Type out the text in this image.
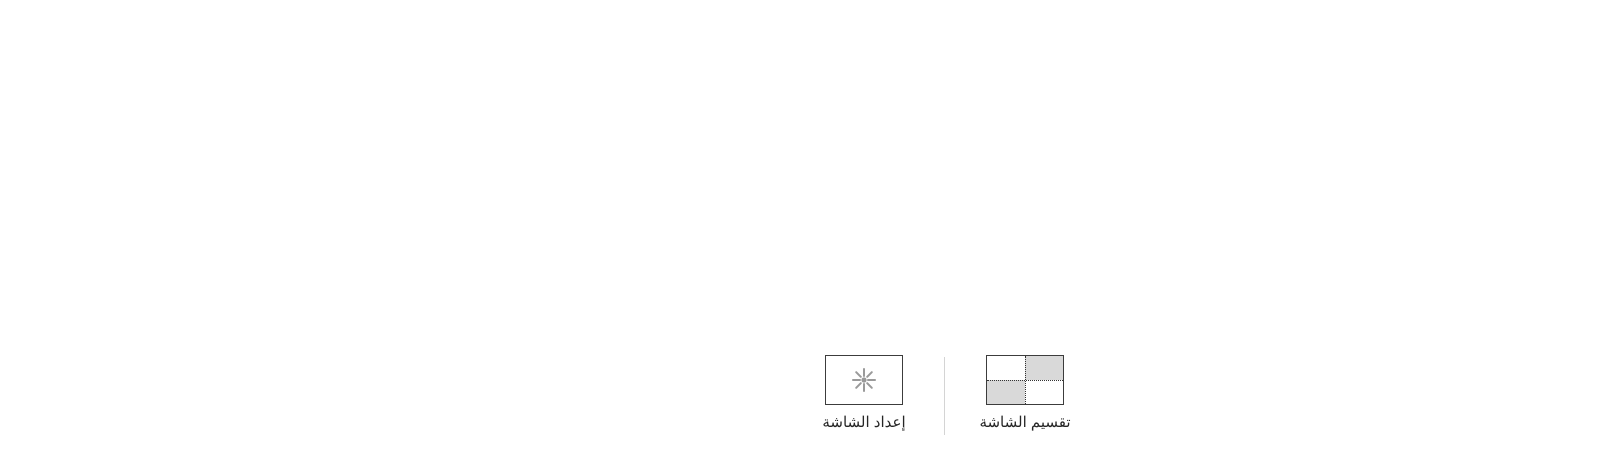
تقسيم الشاشة
إعداد الشاشة
